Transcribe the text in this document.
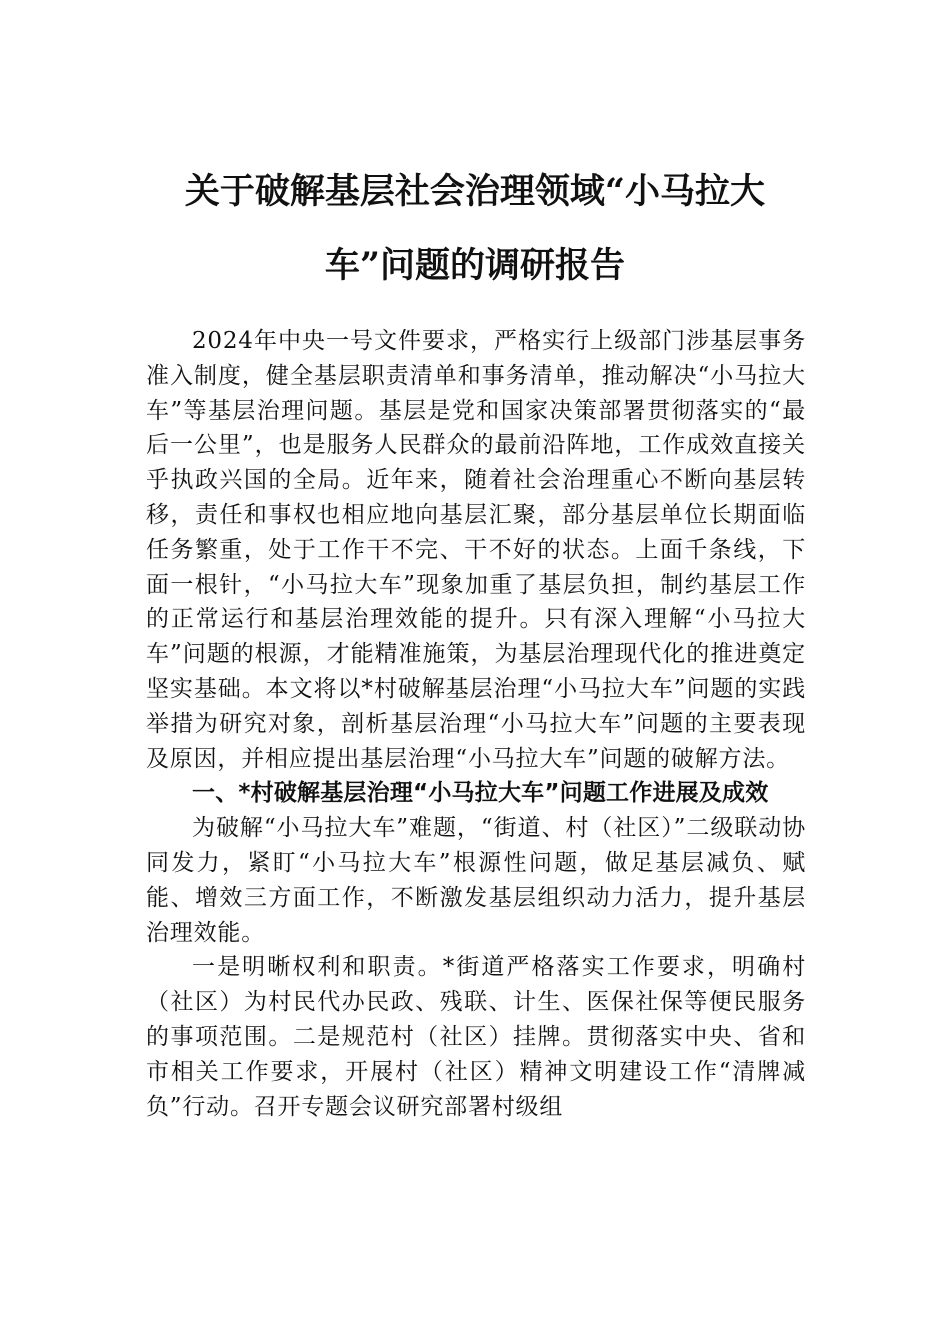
关于破解基层社会治理领域“小马拉大
车”问题的调研报告

2024年中央一号文件要求，严格实行上级部门涉基层事务准入制度，健全基层职责清单和事务清单，推动解决“小马拉大车”等基层治理问题。基层是党和国家决策部署贯彻落实的“最后一公里”，也是服务人民群众的最前沿阵地，工作成效直接关乎执政兴国的全局。近年来，随着社会治理重心不断向基层转移，责任和事权也相应地向基层汇聚，部分基层单位长期面临任务繁重，处于工作干不完、干不好的状态。上面千条线，下面一根针，“小马拉大车”现象加重了基层负担，制约基层工作的正常运行和基层治理效能的提升。只有深入理解“小马拉大车”问题的根源，才能精准施策，为基层治理现代化的推进奠定坚实基础。本文将以*村破解基层治理“小马拉大车”问题的实践举措为研究对象，剖析基层治理“小马拉大车”问题的主要表现及原因，并相应提出基层治理“小马拉大车”问题的破解方法。

一、*村破解基层治理“小马拉大车”问题工作进展及成效

为破解“小马拉大车”难题，“街道、村（社区）”二级联动协同发力，紧盯“小马拉大车”根源性问题，做足基层减负、赋能、增效三方面工作，不断激发基层组织动力活力，提升基层治理效能。

一是明晰权利和职责。*街道严格落实工作要求，明确村（社区）为村民代办民政、残联、计生、医保社保等便民服务的事项范围。二是规范村（社区）挂牌。贯彻落实中央、省和市相关工作要求，开展村（社区）精神文明建设工作“清牌减负”行动。召开专题会议研究部署村级组
